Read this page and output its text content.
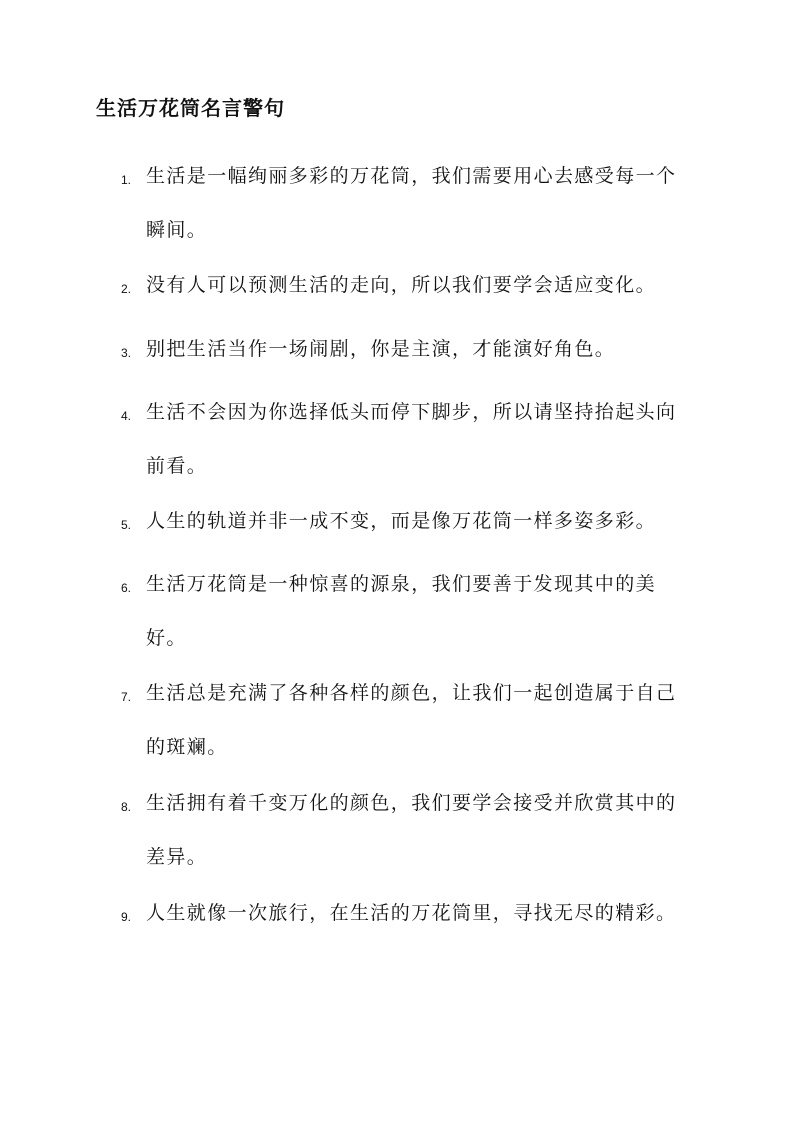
生活万花筒名言警句
1. 生活是一幅绚丽多彩的万花筒，我们需要用心去感受每一个瞬间。
2. 没有人可以预测生活的走向，所以我们要学会适应变化。
3. 别把生活当作一场闹剧，你是主演，才能演好角色。
4. 生活不会因为你选择低头而停下脚步，所以请坚持抬起头向前看。
5. 人生的轨道并非一成不变，而是像万花筒一样多姿多彩。
6. 生活万花筒是一种惊喜的源泉，我们要善于发现其中的美好。
7. 生活总是充满了各种各样的颜色，让我们一起创造属于自己的斑斓。
8. 生活拥有着千变万化的颜色，我们要学会接受并欣赏其中的差异。
9. 人生就像一次旅行，在生活的万花筒里，寻找无尽的精彩。
